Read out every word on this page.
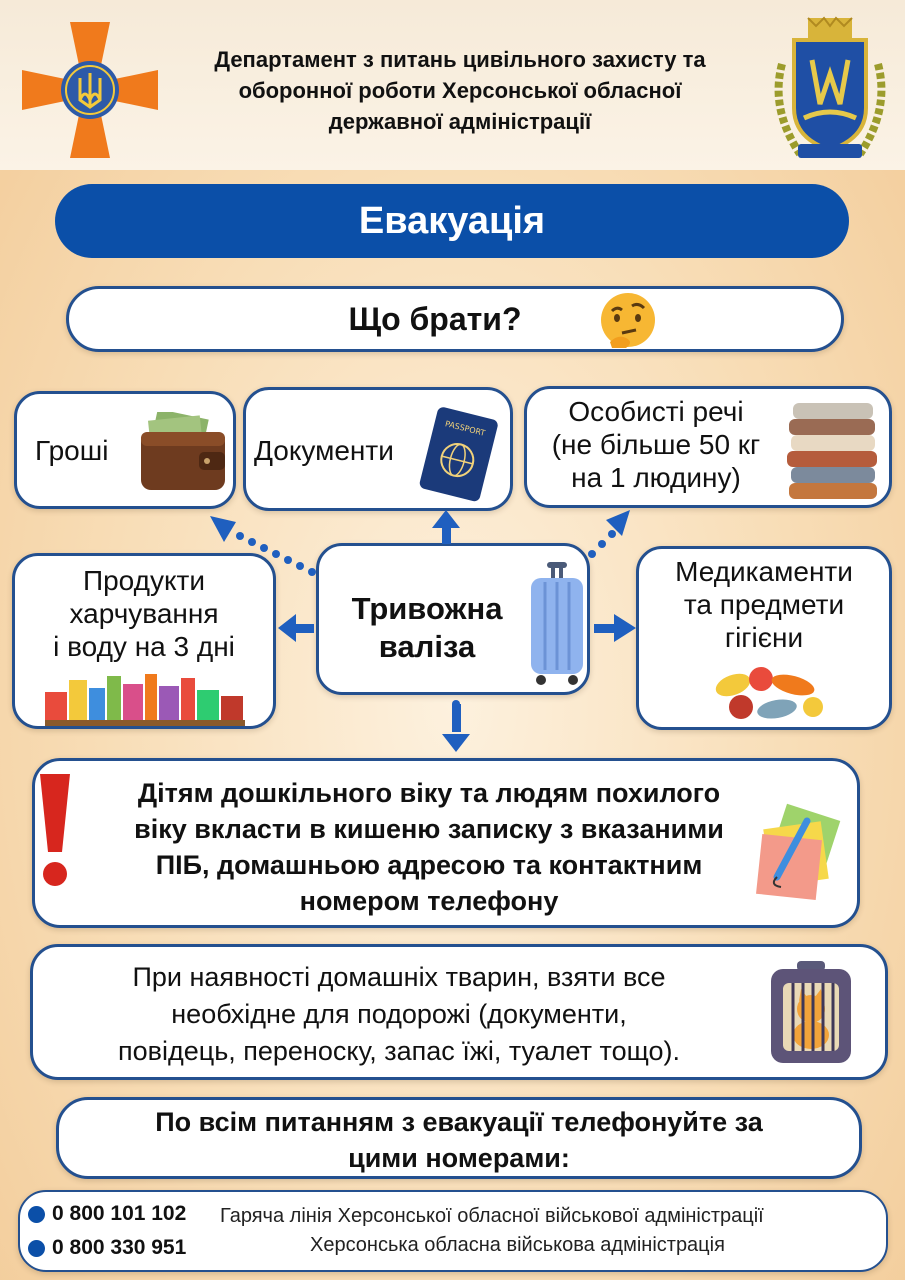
Департамент з питань цивільного захисту та
оборонної роботи Херсонської обласної
державної адміністрації
Евакуація
Що брати?
Гроші	Документи
PASSPORT
Особисті речі
(не більше 50 кг
на 1 людину)
Продукти
харчування
і воду на 3 дні
Тривожна
валіза
Медикаменти
та предмети
гігієни
Дітям дошкільного віку та людям похилого
віку вкласти в кишеню записку з вказаними
ПІБ, домашньою адресою та контактним
номером телефону
При наявності домашніх тварин, взяти все
необхідне для подорожі (документи,
повідець, переноску, запас їжі, туалет тощо).
По всім питанням з евакуації телефонуйте за
цими номерами:
0 800 101 102 Гаряча лінія Херсонської обласної військової адміністрації
0 800 330 951	Херсонська обласна військова адміністрація
